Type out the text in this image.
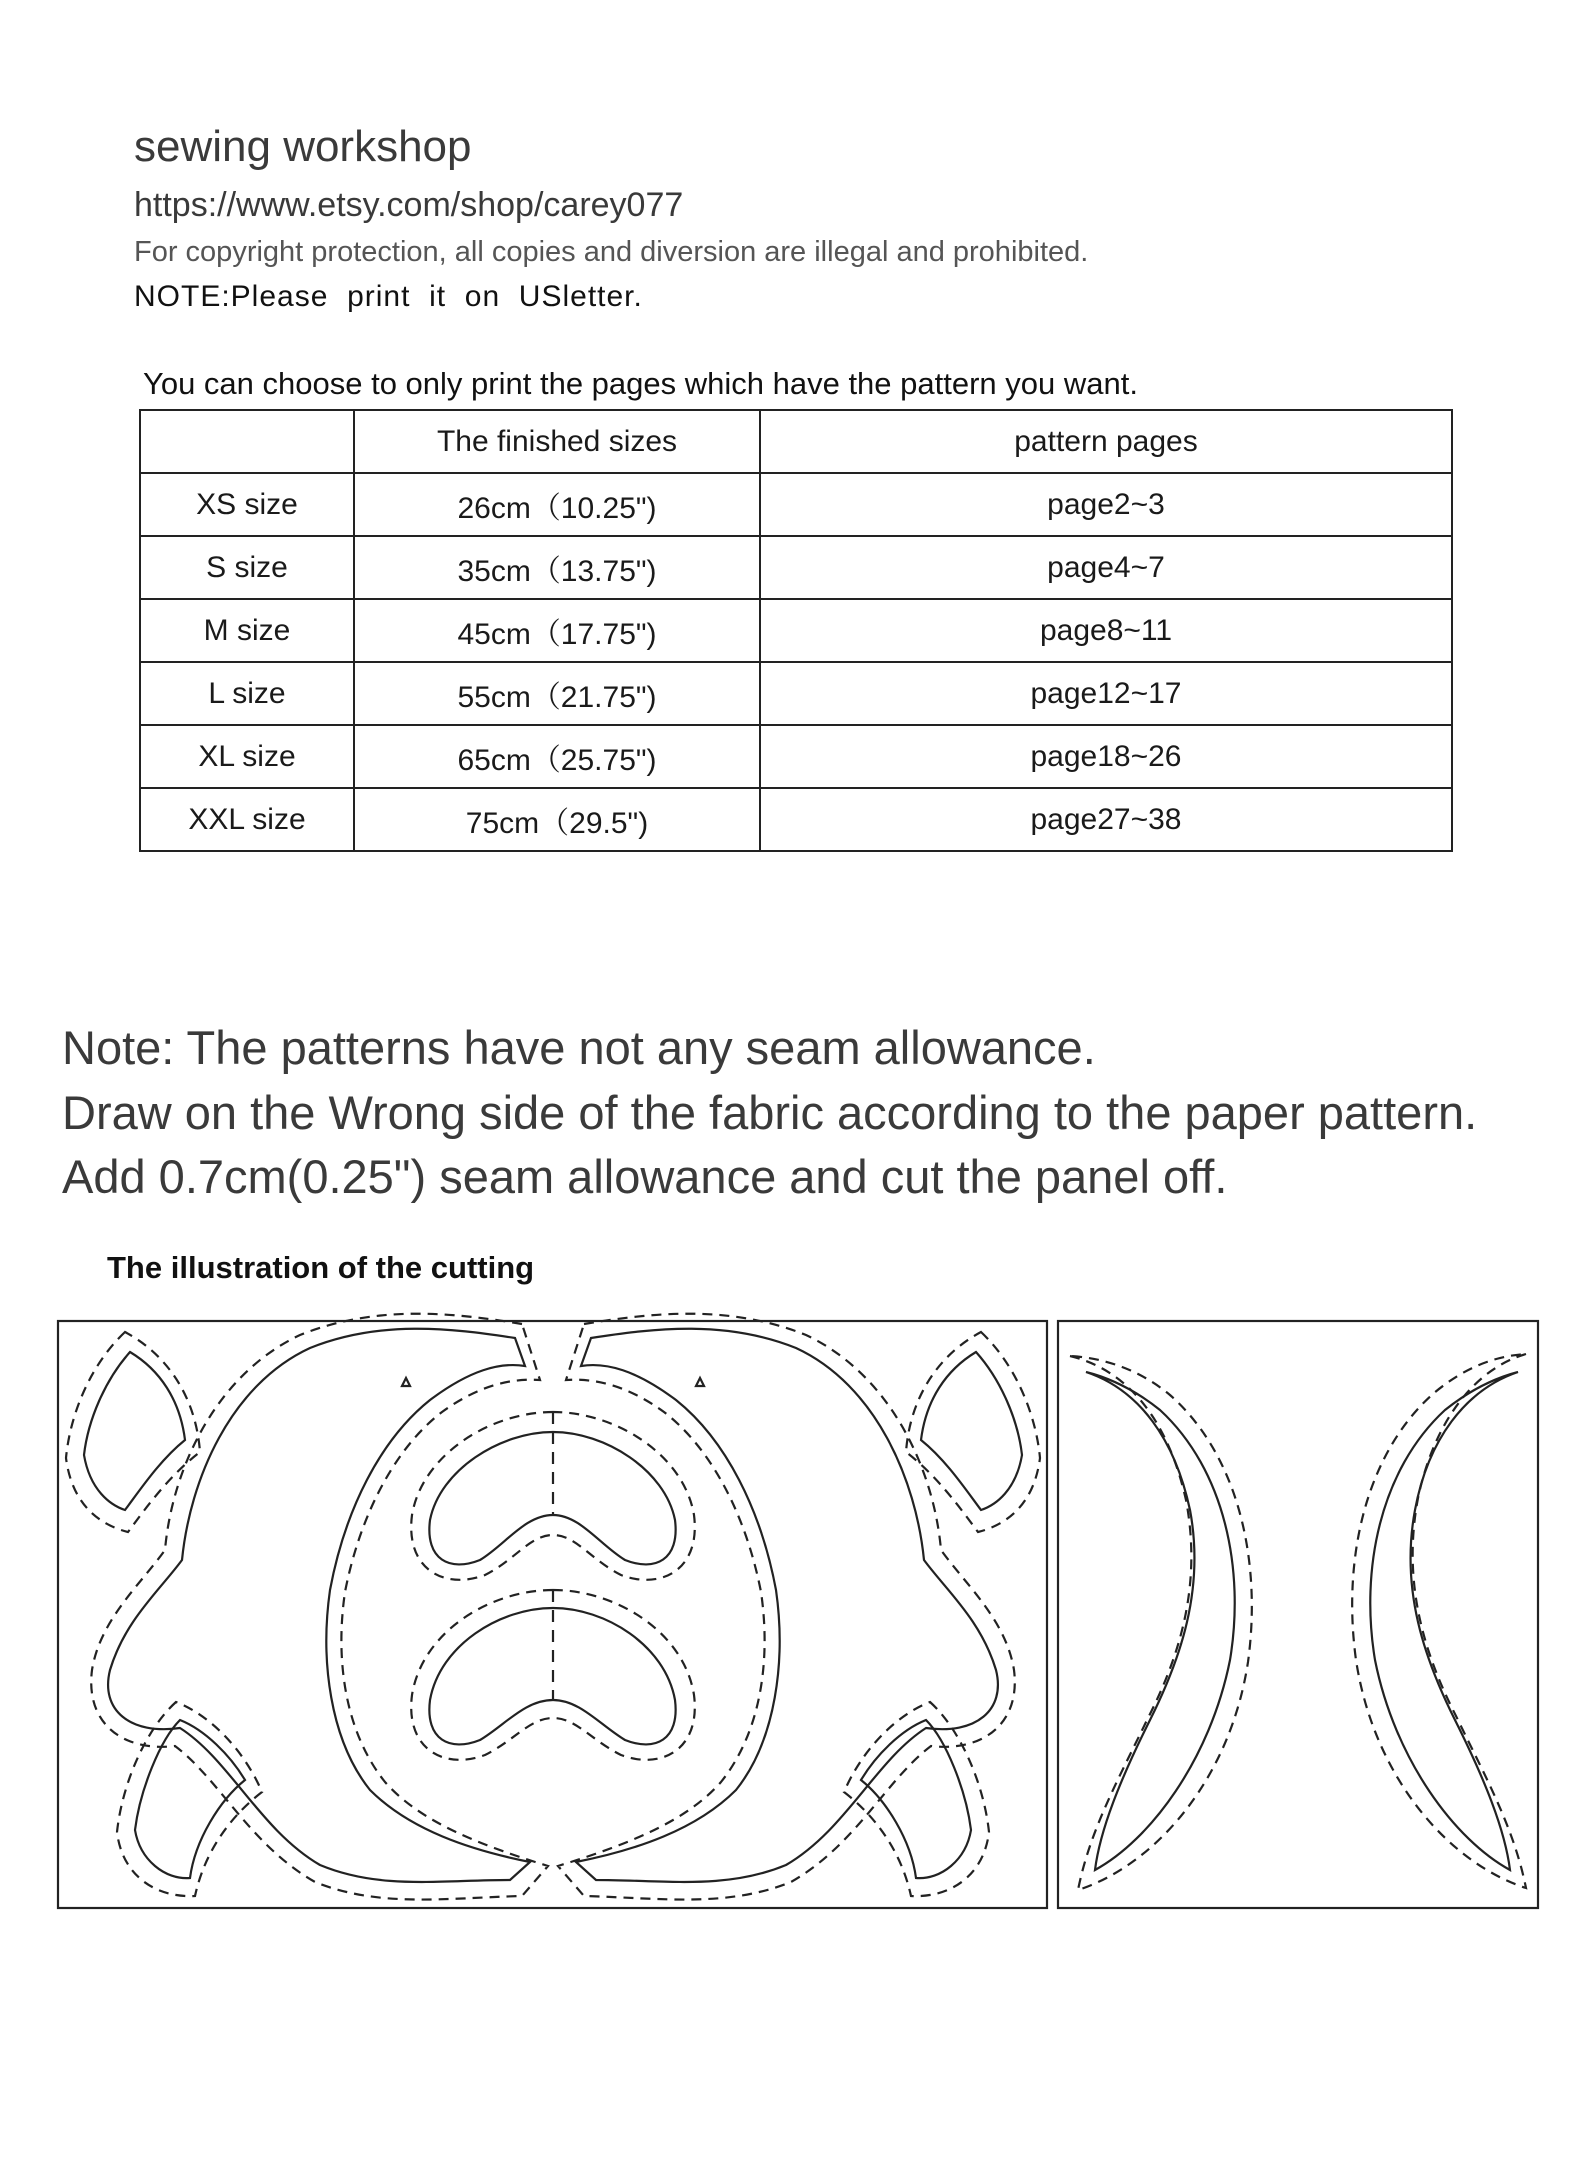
sewing workshop
https://www.etsy.com/shop/carey077
For copyright protection, all copies and diversion are illegal and prohibited.
NOTE:Please  print  it  on  USletter.
You can choose to only print the pages which have the pattern you want.
	The finished sizes	pattern pages
XS size	26cm（10.25")	page2~3
S size	35cm（13.75")	page4~7
M size	45cm（17.75")	page8~11
L size	55cm（21.75")	page12~17
XL size	65cm（25.75")	page18~26
XXL size	75cm（29.5")	page27~38
Note: The patterns have not any seam allowance.
Draw on the Wrong side of the fabric according to the paper pattern.
Add 0.7cm(0.25") seam allowance and cut the panel off.
The illustration of the cutting
